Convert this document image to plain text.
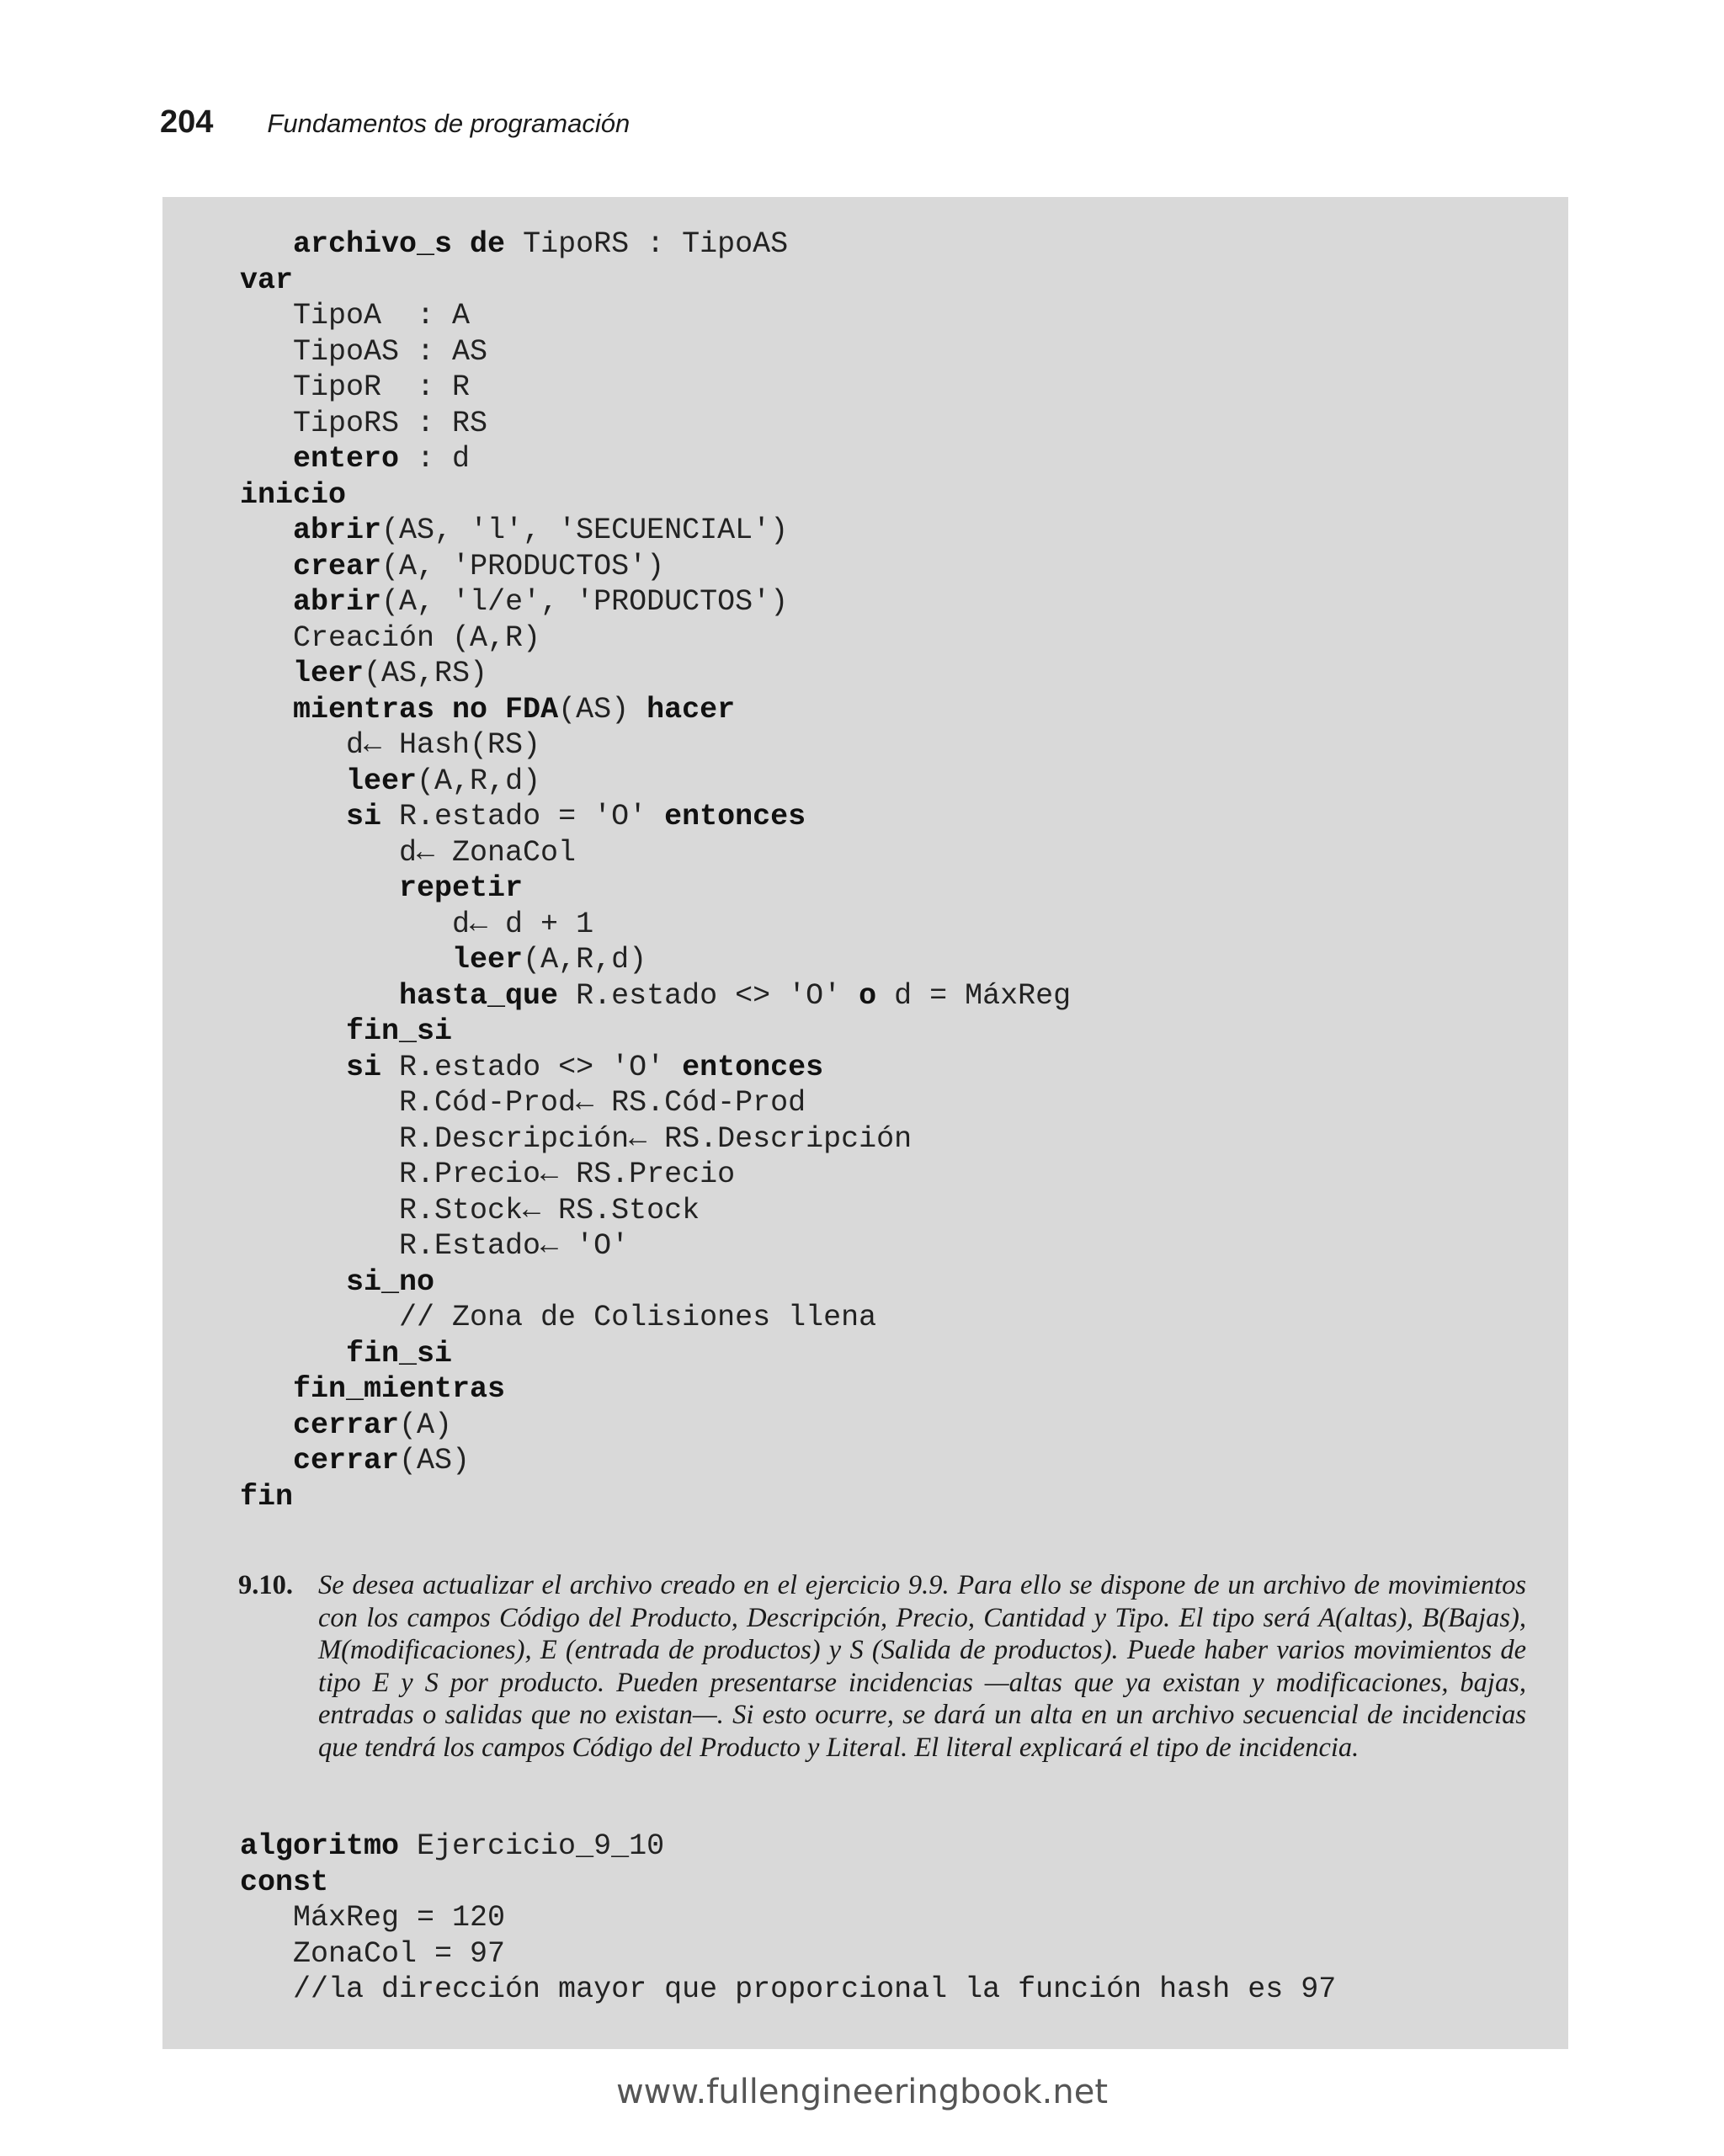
204 Fundamentos de programación
archivo_s de TipoRS : TipoAS
var
TipoA  : A
TipoAS : AS
TipoR  : R
TipoRS : RS
entero : d
inicio
abrir(AS, 'l', 'SECUENCIAL')
crear(A, 'PRODUCTOS')
abrir(A, 'l/e', 'PRODUCTOS')
Creación (A,R)
leer(AS,RS)
mientras no FDA(AS) hacer
d← Hash(RS)
leer(A,R,d)
si R.estado = 'O' entonces
d← ZonaCol
repetir
d← d + 1
leer(A,R,d)
hasta_que R.estado <> 'O' o d = MáxReg
fin_si
si R.estado <> 'O' entonces
R.Cód-Prod← RS.Cód-Prod
R.Descripción← RS.Descripción
R.Precio← RS.Precio
R.Stock← RS.Stock
R.Estado← 'O'
si_no
// Zona de Colisiones llena
fin_si
fin_mientras
cerrar(A)
cerrar(AS)
fin
9.10. Se desea actualizar el archivo creado en el ejercicio 9.9. Para ello se dispone de un archivo de movimientos con los campos Código del Producto, Descripción, Precio, Cantidad y Tipo. El tipo será A(altas), B(Bajas), M(modificaciones), E (entrada de productos) y S (Salida de productos). Puede haber varios movimientos de tipo E y S por producto. Pueden presentarse incidencias —altas que ya existan y modificaciones, bajas, entradas o salidas que no existan—. Si esto ocurre, se dará un alta en un archivo secuencial de incidencias que tendrá los campos Código del Producto y Literal. El literal explicará el tipo de incidencia.
algoritmo Ejercicio_9_10
const
MáxReg = 120
ZonaCol = 97
//la dirección mayor que proporcional la función hash es 97
www.fullengineeringbook.net
